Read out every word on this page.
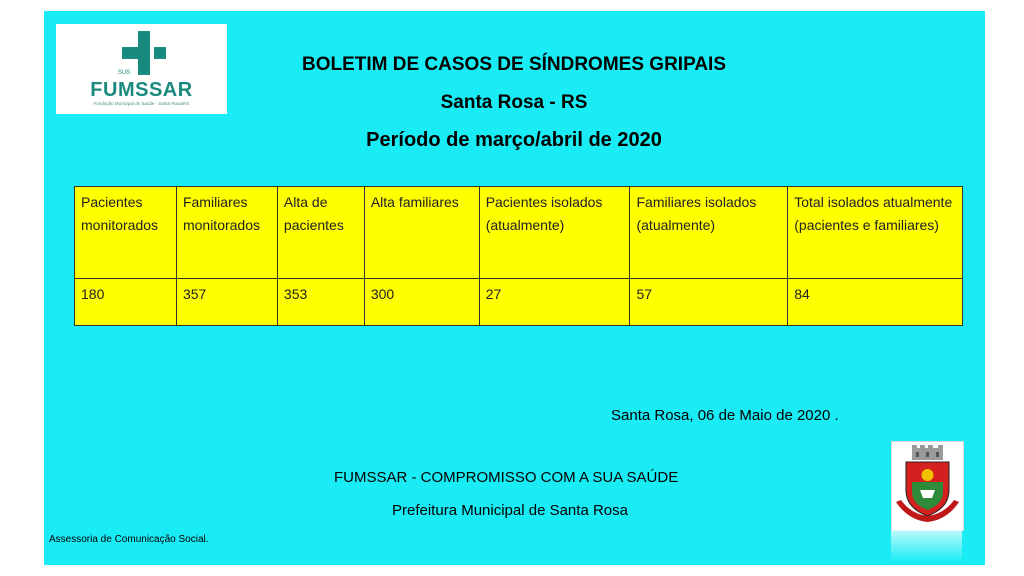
SUS
FUMSSAR
Fundação Municipal de Saúde - Santa Rosa/RS
BOLETIM DE CASOS DE SÍNDROMES GRIPAIS
Santa Rosa - RS
Período de março/abril de 2020
Pacientes monitorados	Familiares monitorados	Alta de pacientes	Alta familiares	Pacientes isolados (atualmente)	Familiares isolados (atualmente)	Total isolados atualmente (pacientes e familiares)
180	357	353	300	27	57	84
Santa Rosa, 06 de Maio de 2020 .
FUMSSAR - COMPROMISSO COM A SUA SAÚDE
Prefeitura Municipal de Santa Rosa
Assessoria de Comunicação Social.
